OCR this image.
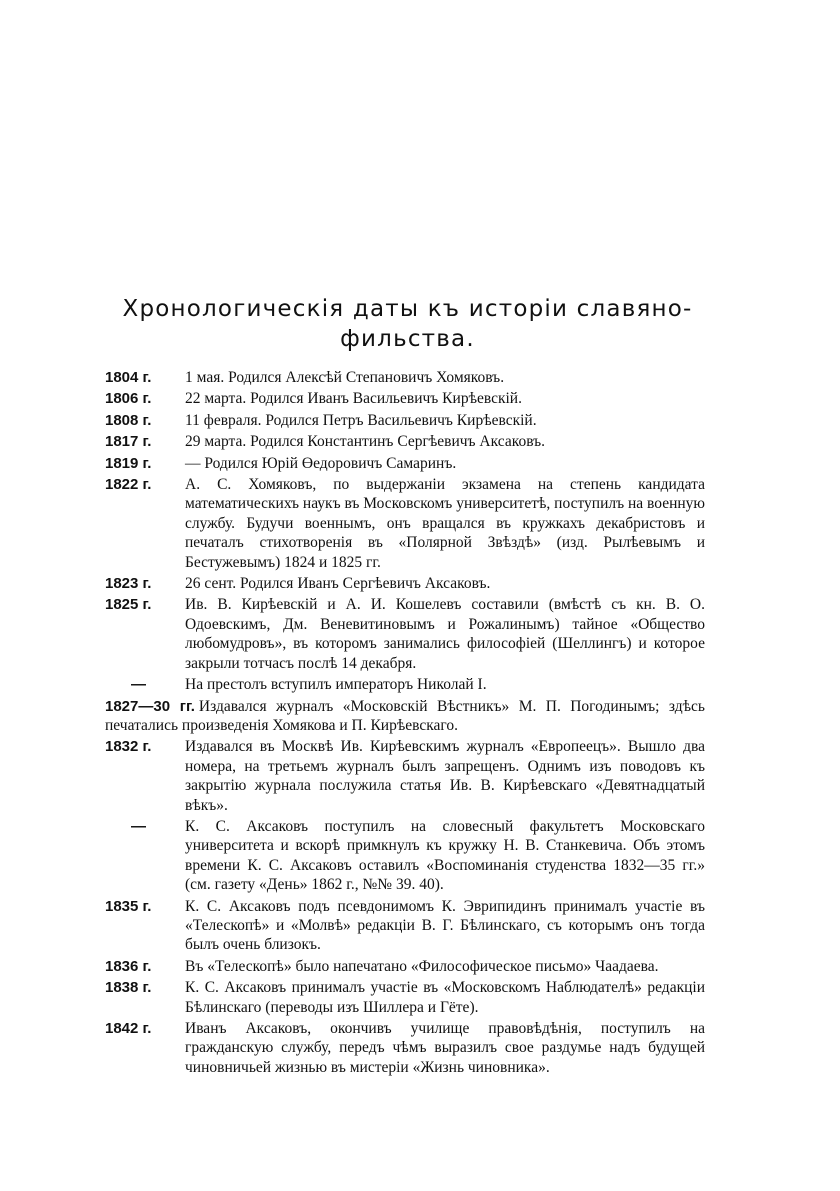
Хронологическія даты къ исторіи славяно-
фильства.
1804 г. 1 мая. Родился Алексѣй Степановичъ Хомяковъ.
1806 г. 22 марта. Родился Иванъ Васильевичъ Кирѣевскій.
1808 г. 11 февраля. Родился Петръ Васильевичъ Кирѣевскій.
1817 г. 29 марта. Родился Константинъ Сергѣевичъ Аксаковъ.
1819 г. — Родился Юрій Өедоровичъ Самаринъ.
1822 г. А. С. Хомяковъ, по выдержаніи экзамена на степень кандидата математическихъ наукъ въ Московскомъ университетѣ, поступилъ на военную службу. Будучи военнымъ, онъ вращался въ кружкахъ декабристовъ и печаталъ стихотворенія въ «Полярной Звѣздѣ» (изд. Рылѣевымъ и Бестужевымъ) 1824 и 1825 гг.
1823 г. 26 сент. Родился Иванъ Сергѣевичъ Аксаковъ.
1825 г. Ив. В. Кирѣевскій и А. И. Кошелевъ составили (вмѣстѣ съ кн. В. О. Одоевскимъ, Дм. Веневитиновымъ и Рожалинымъ) тайное «Общество любомудровъ», въ которомъ занимались философіей (Шеллингъ) и которое закрыли тотчасъ послѣ 14 декабря.
—	На престолъ вступилъ императоръ Николай I.
1827—30 гг. Издавался журналъ «Московскій Вѣстникъ» М. П. Погодинымъ; здѣсь печатались произведенія Хомякова и П. Кирѣевскаго.
1832 г. Издавался въ Москвѣ Ив. Кирѣевскимъ журналъ «Европеецъ». Вышло два номера, на третьемъ журналъ былъ запрещенъ. Однимъ изъ поводовъ къ закрытію журнала послужила статья Ив. В. Кирѣевскаго «Девятнадцатый вѣкъ».
—	К. С. Аксаковъ поступилъ на словесный факультетъ Московскаго университета и вскорѣ примкнулъ къ кружку Н. В. Станкевича. Объ этомъ времени К. С. Аксаковъ оставилъ «Воспоминанія студенства 1832—35 гг.» (см. газету «День» 1862 г., №№ 39. 40).
1835 г. К. С. Аксаковъ подъ псевдонимомъ К. Эврипидинъ принималъ участіе въ «Телескопѣ» и «Молвѣ» редакціи В. Г. Бѣлинскаго, съ которымъ онъ тогда былъ очень близокъ.
1836 г. Въ «Телескопѣ» было напечатано «Философическое письмо» Чаадаева.
1838 г. К. С. Аксаковъ принималъ участіе въ «Московскомъ Наблюдателѣ» редакціи Бѣлинскаго (переводы изъ Шиллера и Гёте).
1842 г. Иванъ Аксаковъ, окончивъ училище правовѣдѣнія, поступилъ на гражданскую службу, передъ чѣмъ выразилъ свое раздумье надъ будущей чиновничьей жизнью въ мистеріи «Жизнь чиновника».
